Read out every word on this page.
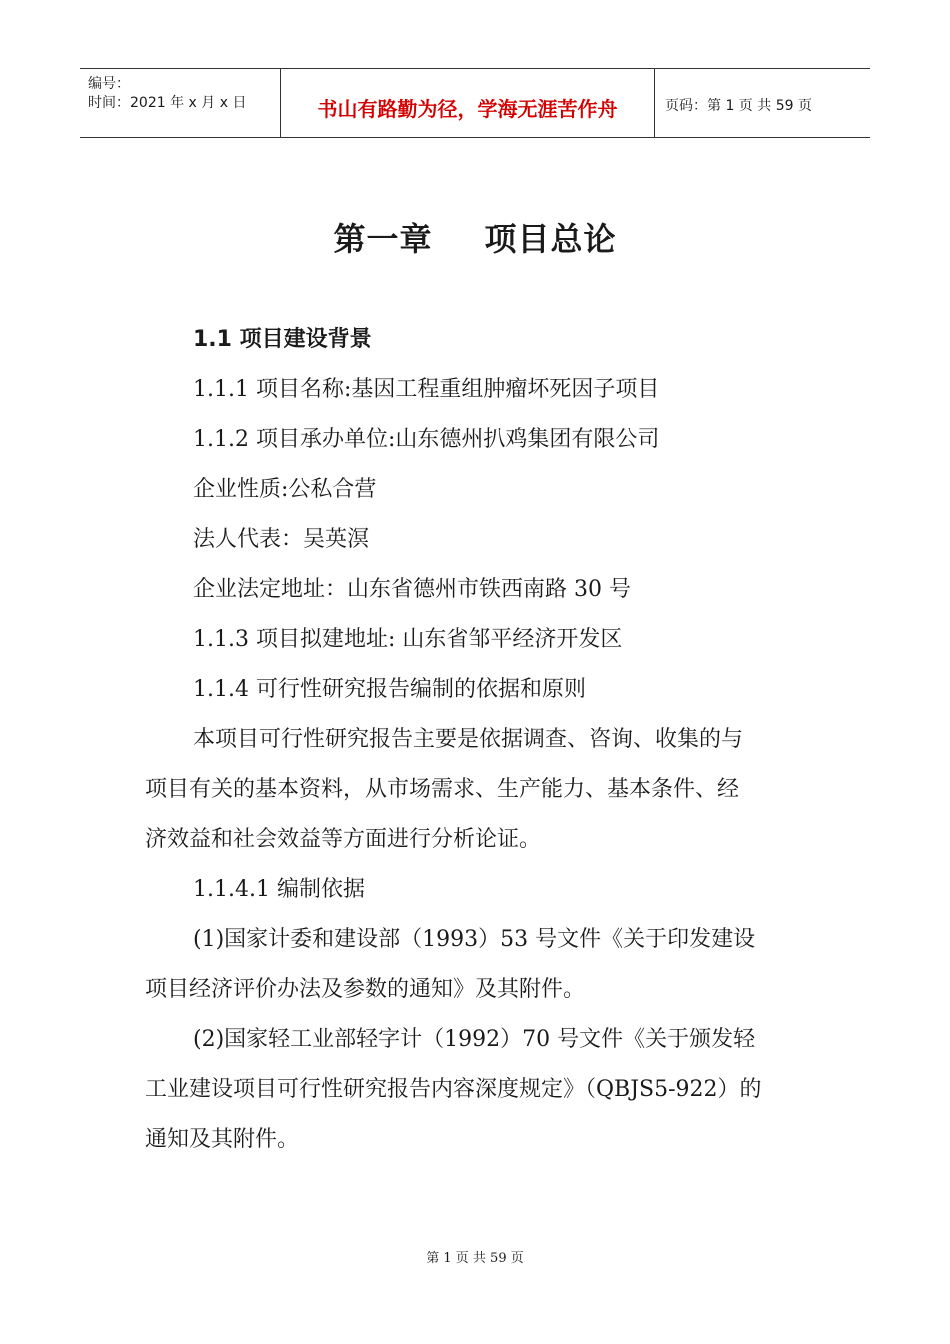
编号：
时间：2021 年 x 月 x 日	书山有路勤为径，学海无涯苦作舟	页码：第 1 页 共 59 页
第一章 项目总论
1.1 项目建设背景
1.1.1 项目名称:基因工程重组肿瘤坏死因子项目
1.1.2 项目承办单位:山东德州扒鸡集团有限公司
企业性质:公私合营
法人代表：吴英溟
企业法定地址：山东省德州市铁西南路 30 号
1.1.3 项目拟建地址: 山东省邹平经济开发区
1.1.4 可行性研究报告编制的依据和原则
本项目可行性研究报告主要是依据调查、咨询、收集的与
项目有关的基本资料，从市场需求、生产能力、基本条件、经
济效益和社会效益等方面进行分析论证。
1.1.4.1 编制依据
(1)国家计委和建设部（1993）53 号文件《关于印发建设
项目经济评价办法及参数的通知》及其附件。
(2)国家轻工业部轻字计（1992）70 号文件《关于颁发轻
工业建设项目可行性研究报告内容深度规定》（QBJS5-922）的
通知及其附件。
第 1 页 共 59 页
